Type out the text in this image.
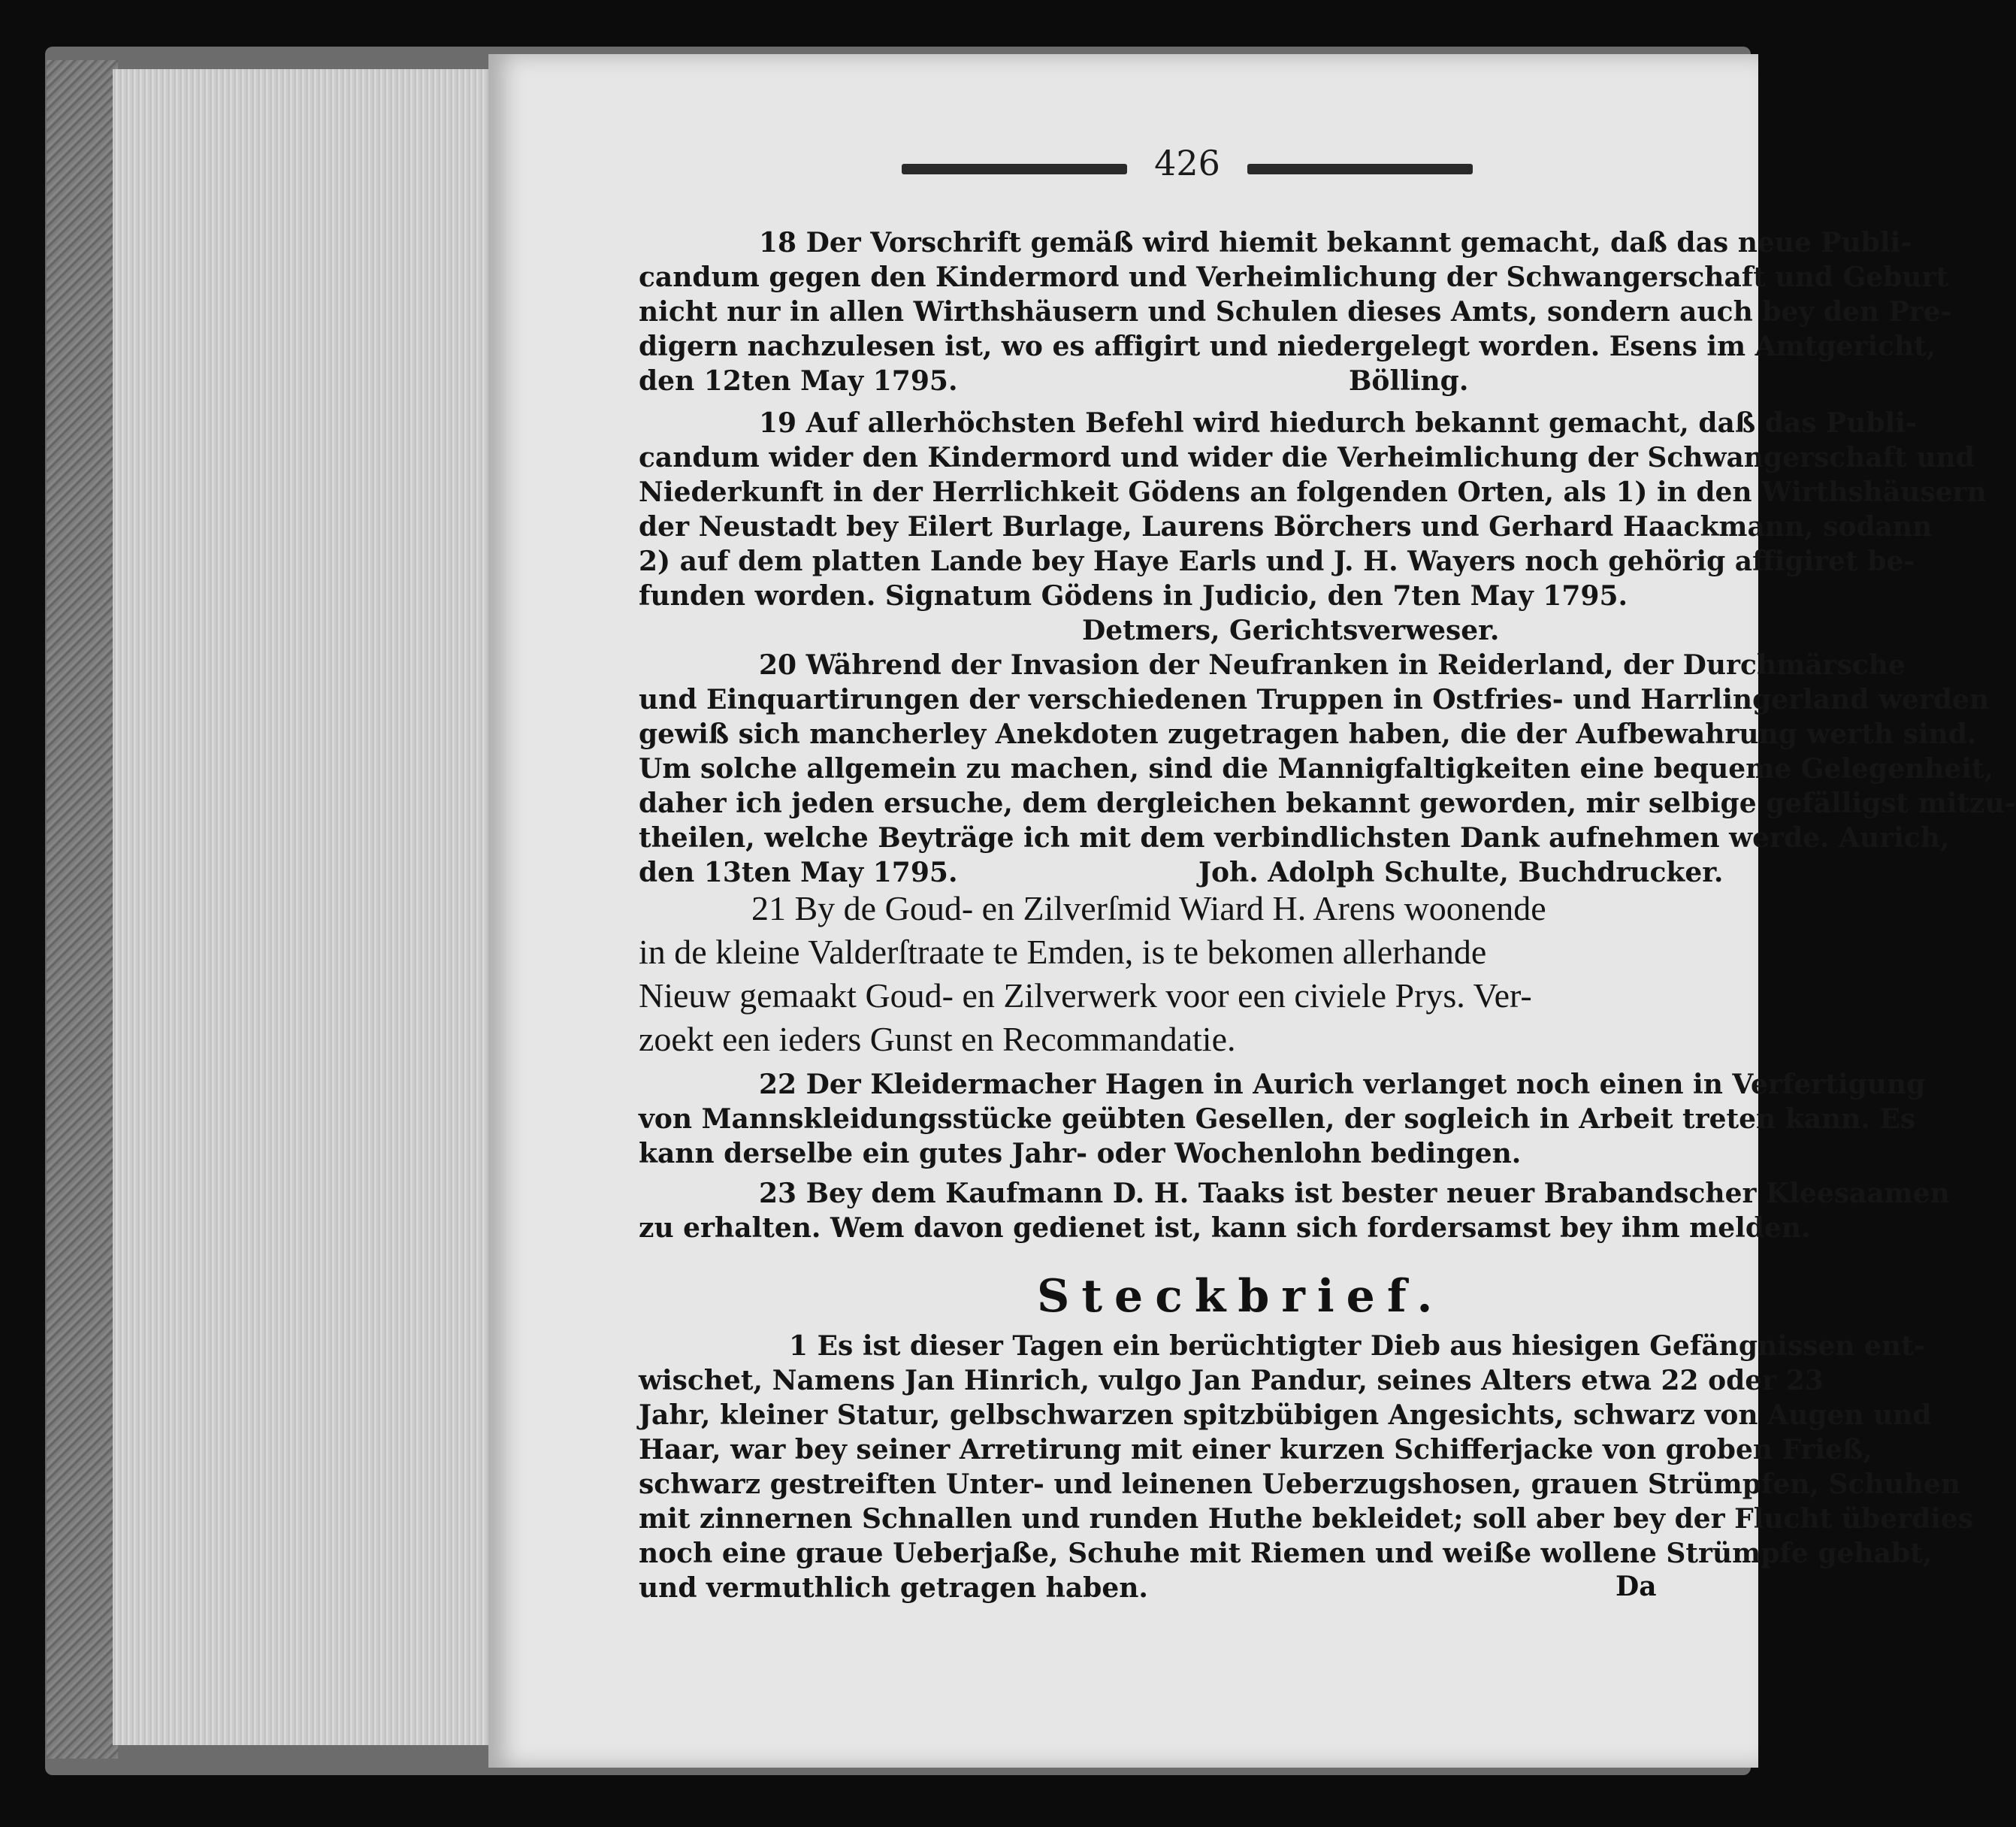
426
18 Der Vorschrift gemäß wird hiemit bekannt gemacht, daß das neue Publi-
candum gegen den Kindermord und Verheimlichung der Schwangerschaft und Geburt
nicht nur in allen Wirthshäusern und Schulen dieses Amts, sondern auch bey den Pre-
digern nachzulesen ist, wo es affigirt und niedergelegt worden. Esens im Amtgericht,
den 12ten May 1795.	Bölling.
19 Auf allerhöchsten Befehl wird hiedurch bekannt gemacht, daß das Publi-
candum wider den Kindermord und wider die Verheimlichung der Schwangerschaft und
Niederkunft in der Herrlichkeit Gödens an folgenden Orten, als 1) in den Wirthshäusern
der Neustadt bey Eilert Burlage, Laurens Börchers und Gerhard Haackmann, sodann
2) auf dem platten Lande bey Haye Earls und J. H. Wayers noch gehörig affigiret be-
funden worden. Signatum Gödens in Judicio, den 7ten May 1795.
Detmers, Gerichtsverweser.
20 Während der Invasion der Neufranken in Reiderland, der Durchmärsche
und Einquartirungen der verschiedenen Truppen in Ostfries- und Harrlingerland werden
gewiß sich mancherley Anekdoten zugetragen haben, die der Aufbewahrung werth sind.
Um solche allgemein zu machen, sind die Mannigfaltigkeiten eine bequeme Gelegenheit,
daher ich jeden ersuche, dem dergleichen bekannt geworden, mir selbige gefälligst mitzu-
theilen, welche Beyträge ich mit dem verbindlichsten Dank aufnehmen werde. Aurich,
den 13ten May 1795.	Joh. Adolph Schulte, Buchdrucker.
21 By de Goud- en Zilverſmid Wiard H. Arens woonende
in de kleine Valderſtraate te Emden, is te bekomen allerhande
Nieuw gemaakt Goud- en Zilverwerk voor een civiele Prys. Ver-
zoekt een ieders Gunst en Recommandatie.
22 Der Kleidermacher Hagen in Aurich verlanget noch einen in Verfertigung
von Mannskleidungsstücke geübten Gesellen, der sogleich in Arbeit treten kann. Es
kann derselbe ein gutes Jahr- oder Wochenlohn bedingen.
23 Bey dem Kaufmann D. H. Taaks ist bester neuer Brabandscher Kleesaamen
zu erhalten. Wem davon gedienet ist, kann sich fordersamst bey ihm melden.
Steckbrief.
1 Es ist dieser Tagen ein berüchtigter Dieb aus hiesigen Gefängnissen ent-
wischet, Namens Jan Hinrich, vulgo Jan Pandur, seines Alters etwa 22 oder 23
Jahr, kleiner Statur, gelbschwarzen spitzbübigen Angesichts, schwarz von Augen und
Haar, war bey seiner Arretirung mit einer kurzen Schifferjacke von groben Frieß,
schwarz gestreiften Unter- und leinenen Ueberzugshosen, grauen Strümpfen, Schuhen
mit zinnernen Schnallen und runden Huthe bekleidet; soll aber bey der Flucht überdies
noch eine graue Ueberjaße, Schuhe mit Riemen und weiße wollene Strümpfe gehabt,
und vermuthlich getragen haben.	Da
